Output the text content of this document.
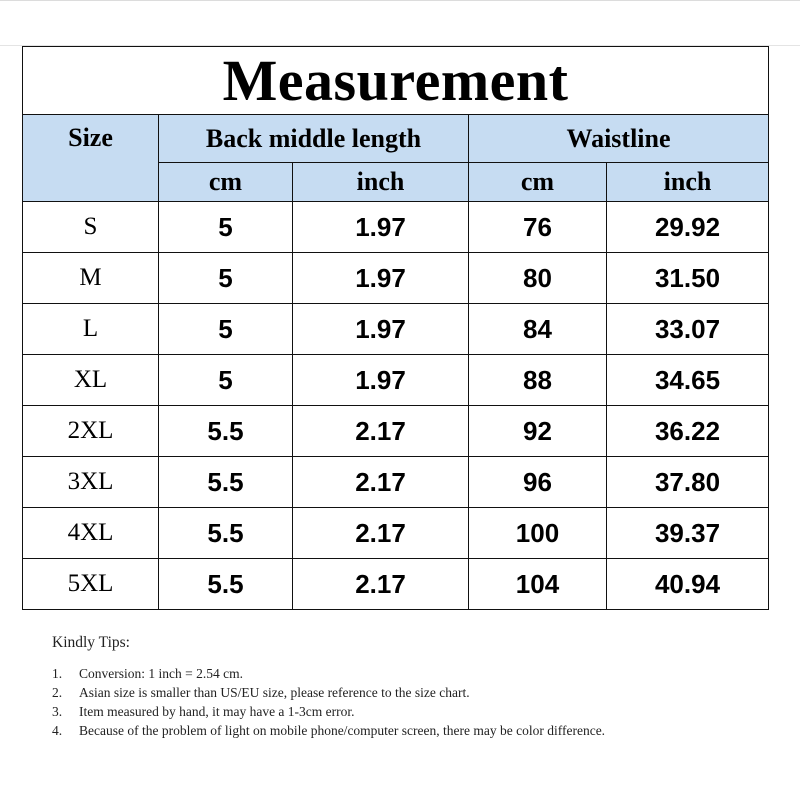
Measurement				
Size	Back middle length		Waistline	
	cm	inch	cm	inch
S	5	1.97	76	29.92
M	5	1.97	80	31.50
L	5	1.97	84	33.07
XL	5	1.97	88	34.65
2XL	5.5	2.17	92	36.22
3XL	5.5	2.17	96	37.80
4XL	5.5	2.17	100	39.37
5XL	5.5	2.17	104	40.94
Kindly Tips:
1.	Conversion: 1 inch = 2.54 cm.
2.	Asian size is smaller than US/EU size, please reference to the size chart.
3.	Item measured by hand, it may have a 1-3cm error.
4.	Because of the problem of light on mobile phone/computer screen, there may be color difference.
